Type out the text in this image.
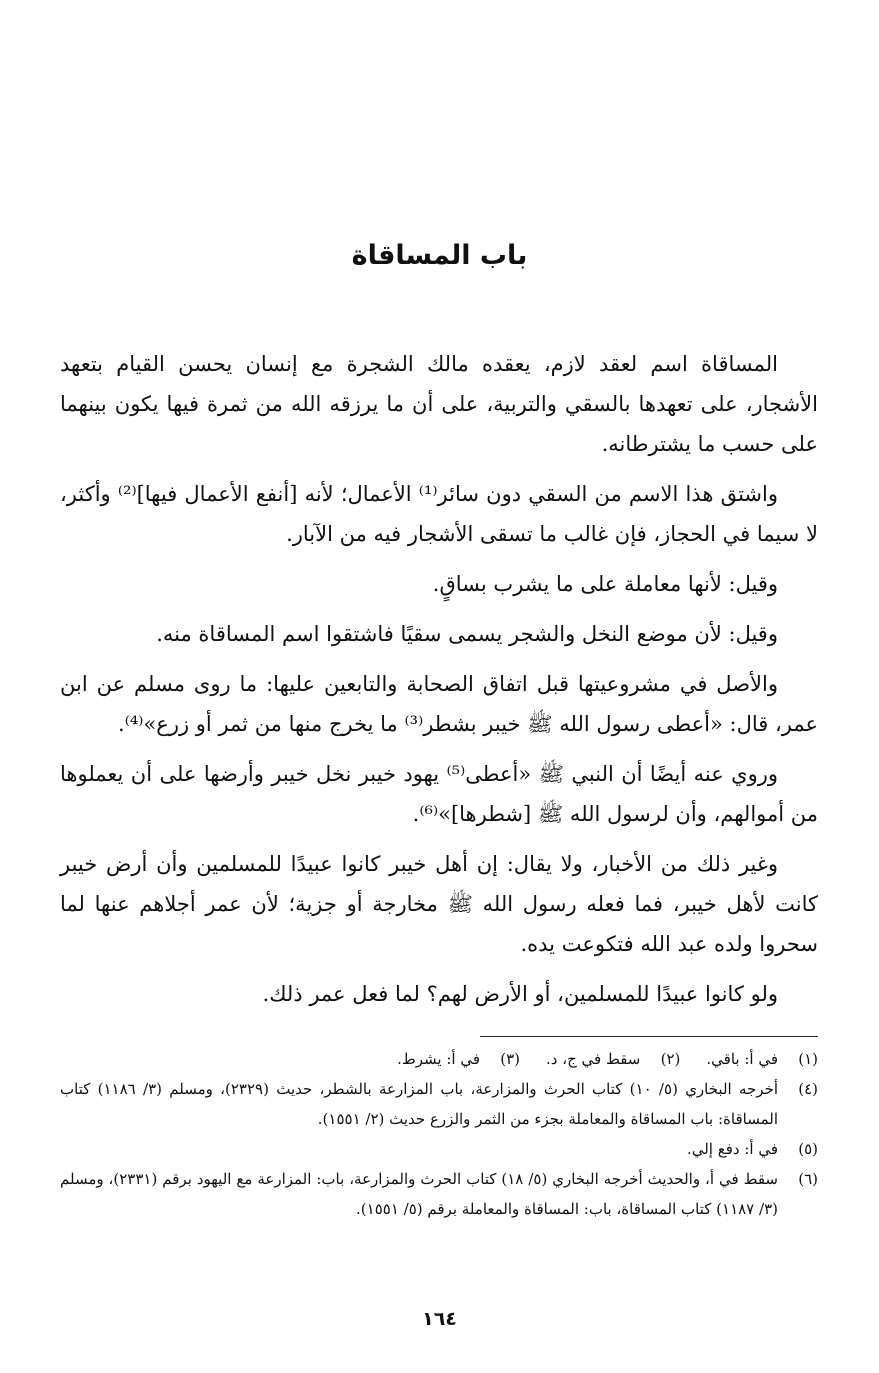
باب المساقاة

المساقاة اسم لعقد لازم، يعقده مالك الشجرة مع إنسان يحسن القيام بتعهد الأشجار، على تعهدها بالسقي والتربية، على أن ما يرزقه الله من ثمرة فيها يكون بينهما على حسب ما يشترطانه.

واشتق هذا الاسم من السقي دون سائر⁽¹⁾ الأعمال؛ لأنه [أنفع الأعمال فيها]⁽²⁾ وأكثر، لا سيما في الحجاز، فإن غالب ما تسقى الأشجار فيه من الآبار.

وقيل: لأنها معاملة على ما يشرب بساقٍ.

وقيل: لأن موضع النخل والشجر يسمى سقيًا فاشتقوا اسم المساقاة منه.

والأصل في مشروعيتها قبل اتفاق الصحابة والتابعين عليها: ما روى مسلم عن ابن عمر، قال: «أعطى رسول الله ﷺ خيبر بشطر⁽³⁾ ما يخرج منها من ثمر أو زرع»⁽⁴⁾.

وروي عنه أيضًا أن النبي ﷺ «أعطى⁽⁵⁾ يهود خيبر نخل خيبر وأرضها على أن يعملوها من أموالهم، وأن لرسول الله ﷺ [شطرها]»⁽⁶⁾.

وغير ذلك من الأخبار، ولا يقال: إن أهل خيبر كانوا عبيدًا للمسلمين وأن أرض خيبر كانت لأهل خيبر، فما فعله رسول الله ﷺ مخارجة أو جزية؛ لأن عمر أجلاهم عنها لما سحروا ولده عبد الله فتكوعت يده.

ولو كانوا عبيدًا للمسلمين، أو الأرض لهم؟ لما فعل عمر ذلك.

(١)
في أ: باقي.
(٢)
سقط في ج، د.
(٣)
في أ: يشرط.
(٤)
أخرجه البخاري (٥/ ١٠) كتاب الحرث والمزارعة، باب المزارعة بالشطر، حديث (٢٣٢٩)، ومسلم (٣/ ١١٨٦) كتاب المساقاة: باب المساقاة والمعاملة بجزء من الثمر والزرع حديث (٢/ ١٥٥١).
(٥)
في أ: دفع إلي.
(٦)
سقط في أ، والحديث أخرجه البخاري (٥/ ١٨) كتاب الحرث والمزارعة، باب: المزارعة مع اليهود برقم (٢٣٣١)، ومسلم (٣/ ١١٨٧) كتاب المساقاة، باب: المساقاة والمعاملة برقم (٥/ ١٥٥١).
١٦٤
